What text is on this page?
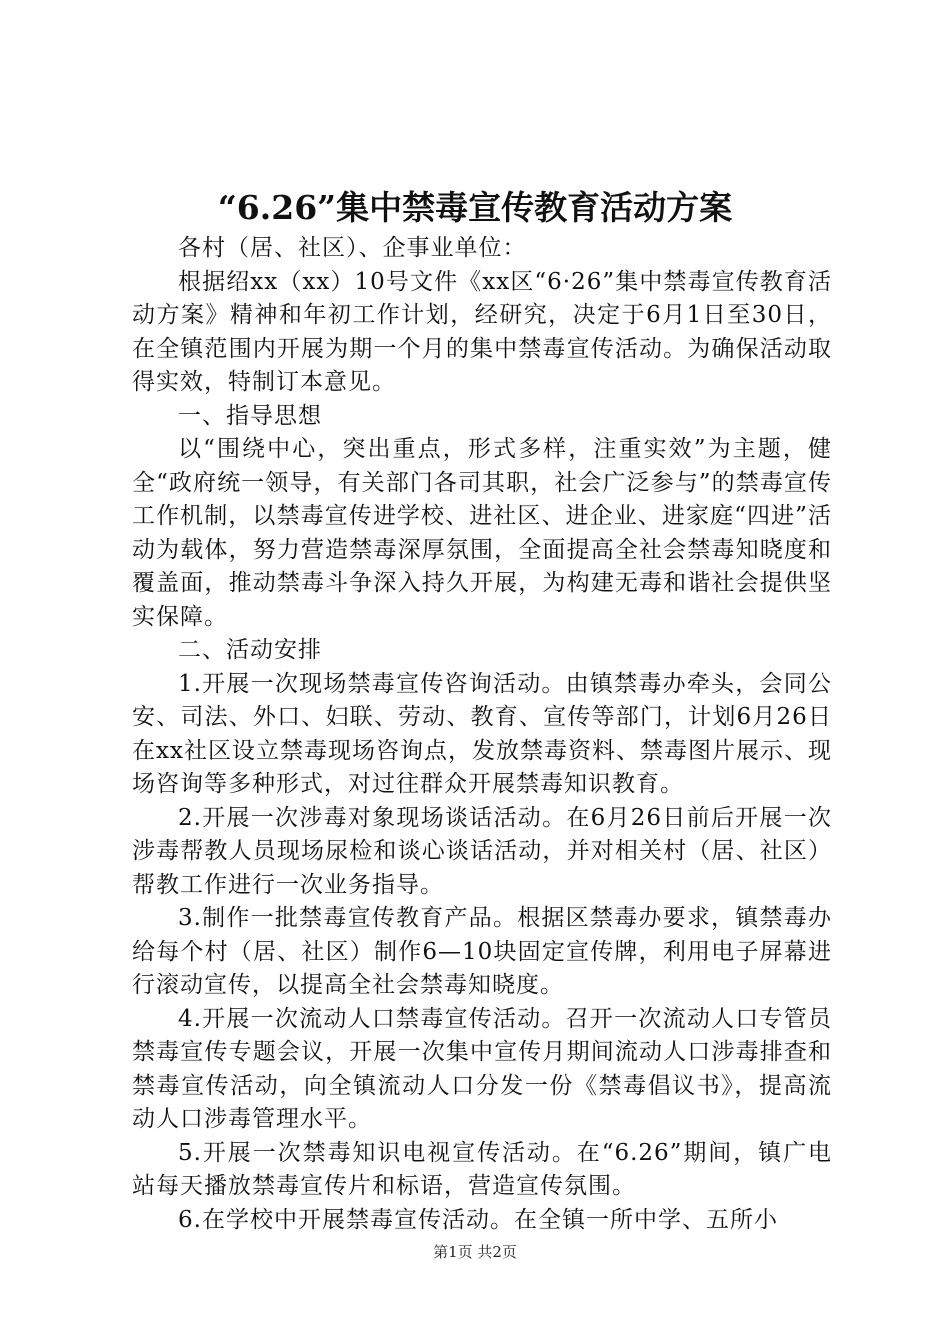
“6.26”集中禁毒宣传教育活动方案

各村（居、社区）、企事业单位：

根据绍xx（xx）10号文件《xx区“6·26”集中禁毒宣传教育活动方案》精神和年初工作计划，经研究，决定于6月1日至30日，在全镇范围内开展为期一个月的集中禁毒宣传活动。为确保活动取得实效，特制订本意见。

一、指导思想

以“围绕中心，突出重点，形式多样，注重实效”为主题，健全“政府统一领导，有关部门各司其职，社会广泛参与”的禁毒宣传工作机制，以禁毒宣传进学校、进社区、进企业、进家庭“四进”活动为载体，努力营造禁毒深厚氛围，全面提高全社会禁毒知晓度和覆盖面，推动禁毒斗争深入持久开展，为构建无毒和谐社会提供坚实保障。

二、活动安排

1.开展一次现场禁毒宣传咨询活动。由镇禁毒办牵头，会同公安、司法、外口、妇联、劳动、教育、宣传等部门，计划6月26日在xx社区设立禁毒现场咨询点，发放禁毒资料、禁毒图片展示、现场咨询等多种形式，对过往群众开展禁毒知识教育。

2.开展一次涉毒对象现场谈话活动。在6月26日前后开展一次涉毒帮教人员现场尿检和谈心谈话活动，并对相关村（居、社区）帮教工作进行一次业务指导。

3.制作一批禁毒宣传教育产品。根据区禁毒办要求，镇禁毒办给每个村（居、社区）制作6—10块固定宣传牌，利用电子屏幕进行滚动宣传，以提高全社会禁毒知晓度。

4.开展一次流动人口禁毒宣传活动。召开一次流动人口专管员禁毒宣传专题会议，开展一次集中宣传月期间流动人口涉毒排查和禁毒宣传活动，向全镇流动人口分发一份《禁毒倡议书》，提高流动人口涉毒管理水平。

5.开展一次禁毒知识电视宣传活动。在“6.26”期间，镇广电站每天播放禁毒宣传片和标语，营造宣传氛围。

6.在学校中开展禁毒宣传活动。在全镇一所中学、五所小

第1页 共2页
